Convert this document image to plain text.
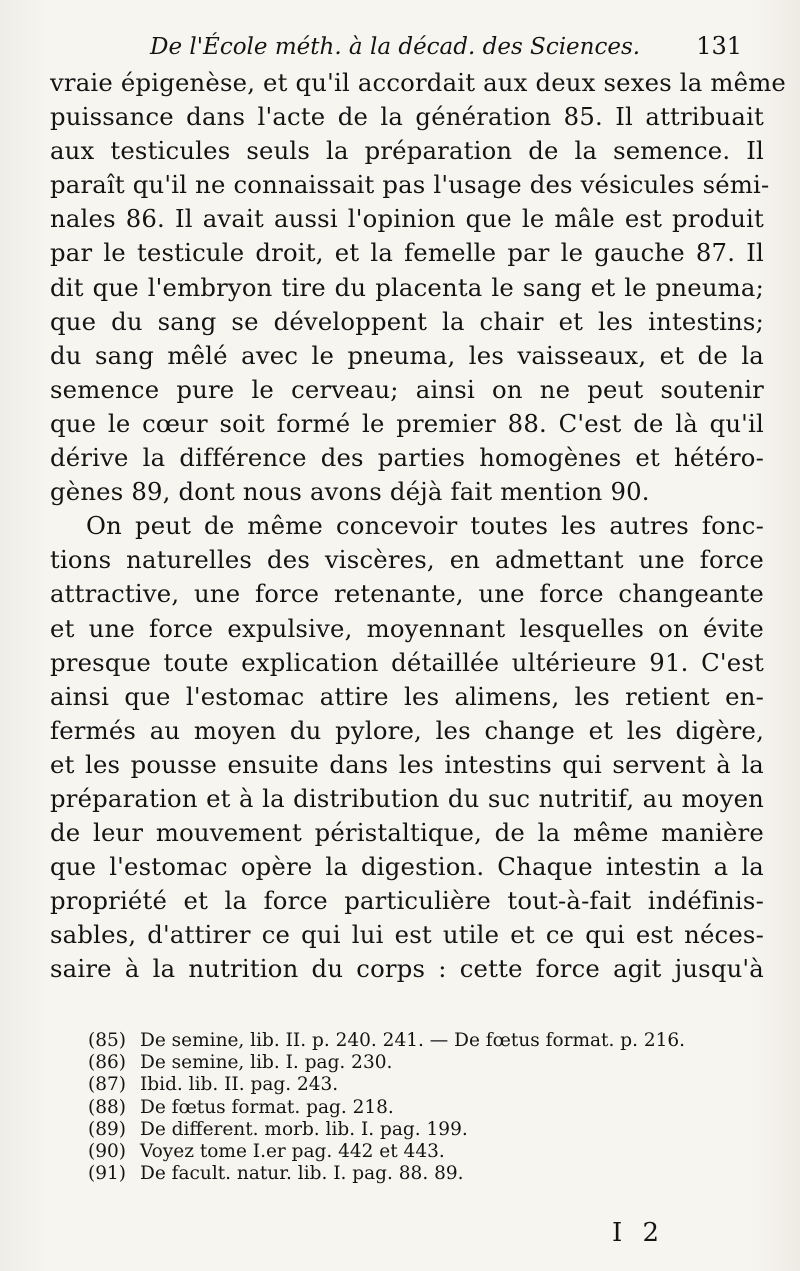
De l'École méth. à la décad. des Sciences. 131
vraie épigenèse, et qu'il accordait aux deux sexes la même
puissance dans l'acte de la génération 85. Il attribuait
aux testicules seuls la préparation de la semence. Il
paraît qu'il ne connaissait pas l'usage des vésicules sémi-
nales 86. Il avait aussi l'opinion que le mâle est produit
par le testicule droit, et la femelle par le gauche 87. Il
dit que l'embryon tire du placenta le sang et le pneuma;
que du sang se développent la chair et les intestins;
du sang mêlé avec le pneuma, les vaisseaux, et de la
semence pure le cerveau; ainsi on ne peut soutenir
que le cœur soit formé le premier 88. C'est de là qu'il
dérive la différence des parties homogènes et hétéro-
gènes 89, dont nous avons déjà fait mention 90.
On peut de même concevoir toutes les autres fonc-
tions naturelles des viscères, en admettant une force
attractive, une force retenante, une force changeante
et une force expulsive, moyennant lesquelles on évite
presque toute explication détaillée ultérieure 91. C'est
ainsi que l'estomac attire les alimens, les retient en-
fermés au moyen du pylore, les change et les digère,
et les pousse ensuite dans les intestins qui servent à la
préparation et à la distribution du suc nutritif, au moyen
de leur mouvement péristaltique, de la même manière
que l'estomac opère la digestion. Chaque intestin a la
propriété et la force particulière tout-à-fait indéfinis-
sables, d'attirer ce qui lui est utile et ce qui est néces-
saire à la nutrition du corps : cette force agit jusqu'à
(85) De semine, lib. II. p. 240. 241. — De fœtus format. p. 216.
(86) De semine, lib. I. pag. 230.
(87) Ibid. lib. II. pag. 243.
(88) De fœtus format. pag. 218.
(89) De different. morb. lib. I. pag. 199.
(90) Voyez tome I.er pag. 442 et 443.
(91) De facult. natur. lib. I. pag. 88. 89.
I 2
